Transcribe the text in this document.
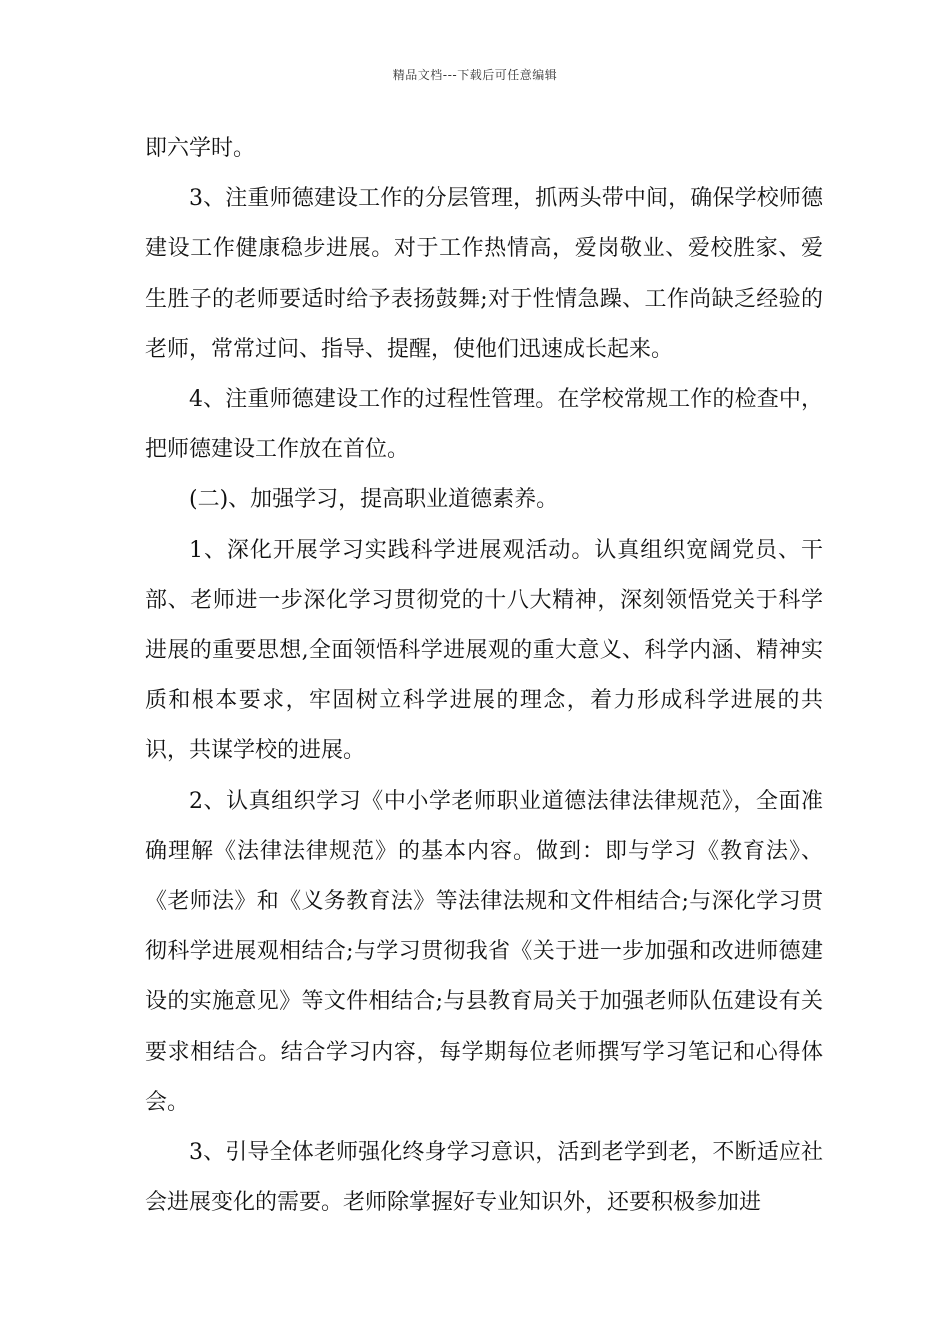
精品文档---下载后可任意编辑

即六学时。

3、注重师德建设工作的分层管理，抓两头带中间，确保学校师德建设工作健康稳步进展。对于工作热情高，爱岗敬业、爱校胜家、爱生胜子的老师要适时给予表扬鼓舞;对于性情急躁、工作尚缺乏经验的老师，常常过问、指导、提醒，使他们迅速成长起来。

4、注重师德建设工作的过程性管理。在学校常规工作的检查中，把师德建设工作放在首位。

(二)、加强学习，提高职业道德素养。

1、深化开展学习实践科学进展观活动。认真组织宽阔党员、干部、老师进一步深化学习贯彻党的十八大精神，深刻领悟党关于科学进展的重要思想,全面领悟科学进展观的重大意义、科学内涵、精神实质和根本要求，牢固树立科学进展的理念，着力形成科学进展的共识，共谋学校的进展。

2、认真组织学习《中小学老师职业道德法律法律规范》，全面准确理解《法律法律规范》的基本内容。做到：即与学习《教育法》、《老师法》和《义务教育法》等法律法规和文件相结合;与深化学习贯彻科学进展观相结合;与学习贯彻我省《关于进一步加强和改进师德建设的实施意见》等文件相结合;与县教育局关于加强老师队伍建设有关要求相结合。结合学习内容，每学期每位老师撰写学习笔记和心得体会。

3、引导全体老师强化终身学习意识，活到老学到老，不断适应社会进展变化的需要。老师除掌握好专业知识外，还要积极参加进
